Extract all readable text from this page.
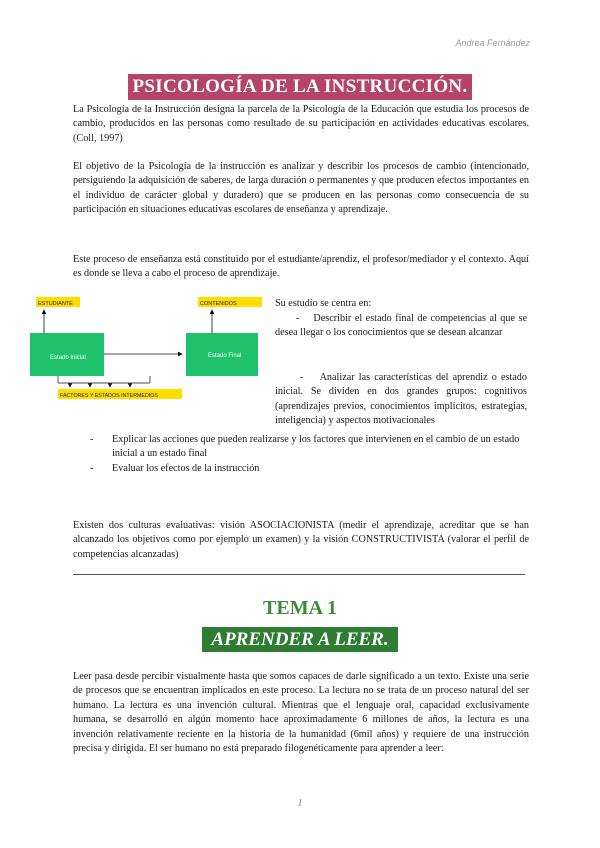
Andrea Fernández
PSICOLOGÍA DE LA INSTRUCCIÓN.

La Psicología de la Instrucción designa la parcela de la Psicología de la Educación que estudia los procesos de cambio, producidos en las personas como resultado de su participación en actividades educativas escolares. (Coll, 1997)

El objetivo de la Psicología de la instrucción es analizar y describir los procesos de cambio (intencionado, persiguiendo la adquisición de saberes, de larga duración o permanentes y que producen efectos importantes en el individuo de carácter global y duradero) que se producen en las personas como consecuencia de su participación en situaciones educativas escolares de enseñanza y aprendizaje.

Este proceso de enseñanza está constituido por el estudiante/aprendiz, el profesor/mediador y el contexto. Aquí es donde se lleva a cabo el proceso de aprendizaje.

ESTUDIANTE	CONTENIDOS
Estado Inicial	Estado Final
FACTORES Y ESTADOS INTERMEDIOS

Su estudio se centra en:

-    Describir el estado final de competencias al que se desea llegar o los conocimientos que se desean alcanzar

-    Analizar las características del aprendiz o estado inicial. Se dividen en dos grandes grupos: cognitivos (aprendizajes previos, conocimientos implícitos, estrategias, inteligencia) y aspectos motivacionales

- Explicar las acciones que pueden realizarse y los factores que intervienen en el cambio de un estado inicial a un estado final
- Evaluar los efectos de la instrucción

Existen dos culturas evaluativas: visión ASOCIACIONISTA (medir el aprendizaje, acreditar que se han alcanzado los objetivos como por ejemplo un examen) y la visión CONSTRUCTIVISTA (valorar el perfil de competencias alcanzadas)

TEMA 1
APRENDER A LEER.

Leer pasa desde percibir visualmente hasta que somos capaces de darle significado a un texto. Existe una serie de procesos que se encuentran implicados en este proceso. La lectura no se trata de un proceso natural del ser humano. La lectura es una invención cultural. Mientras que el lenguaje oral, capacidad exclusivamente humana, se desarrolló en algún momento hace aproximadamente 6 millones de años, la lectura es una invención relativamente reciente en la historia de la humanidad (6mil años) y requiere de una instrucción precisa y dirigida. El ser humano no está preparado filogenéticamente para aprender a leer:

1
